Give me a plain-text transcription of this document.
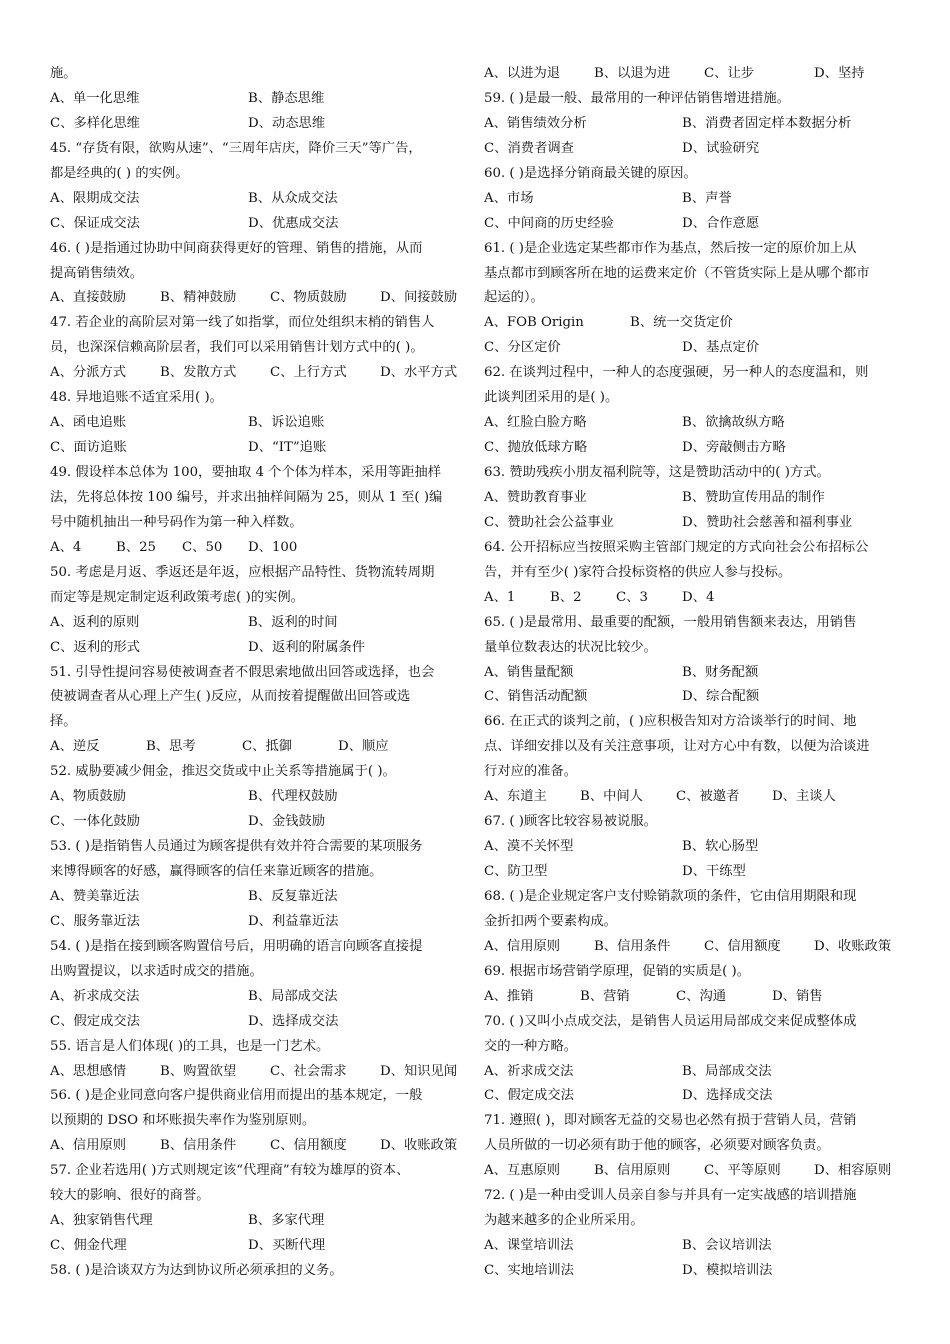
施。
A、单一化思维	B、静态思维
C、多样化思维	D、动态思维
45. “存货有限，欲购从速”、“三周年店庆，降价三天”等广告，
都是经典的( ) 的实例。
A、限期成交法	B、从众成交法
C、保证成交法	D、优惠成交法
46. ( )是指通过协助中间商获得更好的管理、销售的措施，从而
提高销售绩效。
A、直接鼓励	B、精神鼓励	C、物质鼓励	D、间接鼓励
47. 若企业的高阶层对第一线了如指掌，而位处组织末梢的销售人
员，也深深信赖高阶层者，我们可以采用销售计划方式中的( )。
A、分派方式	B、发散方式	C、上行方式	D、水平方式
48. 异地追账不适宜采用( )。
A、函电追账	B、诉讼追账
C、面访追账	D、“IT”追账
49. 假设样本总体为 100，要抽取 4 个个体为样本，采用等距抽样
法，先将总体按 100 编号，并求出抽样间隔为 25，则从 1 至( )编
号中随机抽出一种号码作为第一种入样数。
A、4	B、25	C、50	D、100
50. 考虑是月返、季返还是年返，应根据产品特性、货物流转周期
而定等是规定制定返利政策考虑( )的实例。
A、返利的原则	B、返利的时间
C、返利的形式	D、返利的附属条件
51. 引导性提问容易使被调查者不假思索地做出回答或选择，也会
使被调查者从心理上产生( )反应，从而按着提醒做出回答或选
择。
A、逆反	B、思考	C、抵御	D、顺应
52. 威胁要减少佣金，推迟交货或中止关系等措施属于( )。
A、物质鼓励	B、代理权鼓励
C、一体化鼓励	D、金钱鼓励
53. ( )是指销售人员通过为顾客提供有效并符合需要的某项服务
来博得顾客的好感，赢得顾客的信任来靠近顾客的措施。
A、赞美靠近法	B、反复靠近法
C、服务靠近法	D、利益靠近法
54. ( )是指在接到顾客购置信号后，用明确的语言向顾客直接提
出购置提议，以求适时成交的措施。
A、祈求成交法	B、局部成交法
C、假定成交法	D、选择成交法
55. 语言是人们体现( )的工具，也是一门艺术。
A、思想感情	B、购置欲望	C、社会需求	D、知识见闻
56. ( )是企业同意向客户提供商业信用而提出的基本规定，一般
以预期的 DSO 和坏账损失率作为鉴别原则。
A、信用原则	B、信用条件	C、信用额度	D、收账政策
57. 企业若选用( )方式则规定该“代理商”有较为雄厚的资本、
较大的影响、很好的商誉。
A、独家销售代理	B、多家代理
C、佣金代理	D、买断代理
58. ( )是洽谈双方为达到协议所必须承担的义务。
A、以进为退	B、以退为进	C、让步	D、坚持
59. ( )是最一般、最常用的一种评估销售增进措施。
A、销售绩效分析	B、消费者固定样本数据分析
C、消费者调查	D、试验研究
60. ( )是选择分销商最关键的原因。
A、市场	B、声誉
C、中间商的历史经验	D、合作意愿
61. ( )是企业选定某些都市作为基点，然后按一定的原价加上从
基点都市到顾客所在地的运费来定价（不管货实际上是从哪个都市
起运的）。
A、FOB Origin	B、统一交货定价
C、分区定价	D、基点定价
62. 在谈判过程中，一种人的态度强硬，另一种人的态度温和，则
此谈判团采用的是( )。
A、红脸白脸方略	B、欲擒故纵方略
C、抛放低球方略	D、旁敲侧击方略
63. 赞助残疾小朋友福利院等，这是赞助活动中的( )方式。
A、赞助教育事业	B、赞助宣传用品的制作
C、赞助社会公益事业	D、赞助社会慈善和福利事业
64. 公开招标应当按照采购主管部门规定的方式向社会公布招标公
告，并有至少( )家符合投标资格的供应人参与投标。
A、1	B、2	C、3	D、4
65. ( )是最常用、最重要的配额，一般用销售额来表达，用销售
量单位数表达的状况比较少。
A、销售量配额	B、财务配额
C、销售活动配额	D、综合配额
66. 在正式的谈判之前，( )应积极告知对方洽谈举行的时间、地
点、详细安排以及有关注意事项，让对方心中有数，以便为洽谈进
行对应的准备。
A、东道主	B、中间人	C、被邀者	D、主谈人
67. ( )顾客比较容易被说服。
A、漠不关怀型	B、软心肠型
C、防卫型	D、干练型
68. ( )是企业规定客户支付赊销款项的条件，它由信用期限和现
金折扣两个要素构成。
A、信用原则	B、信用条件	C、信用额度	D、收账政策
69. 根据市场营销学原理，促销的实质是( )。
A、推销	B、营销	C、沟通	D、销售
70. ( )又叫小点成交法，是销售人员运用局部成交来促成整体成
交的一种方略。
A、祈求成交法	B、局部成交法
C、假定成交法	D、选择成交法
71. 遵照( )，即对顾客无益的交易也必然有损于营销人员，营销
人员所做的一切必须有助于他的顾客，必须要对顾客负责。
A、互惠原则	B、信用原则	C、平等原则	D、相容原则
72. ( )是一种由受训人员亲自参与并具有一定实战感的培训措施
为越来越多的企业所采用。
A、课堂培训法	B、会议培训法
C、实地培训法	D、模拟培训法
